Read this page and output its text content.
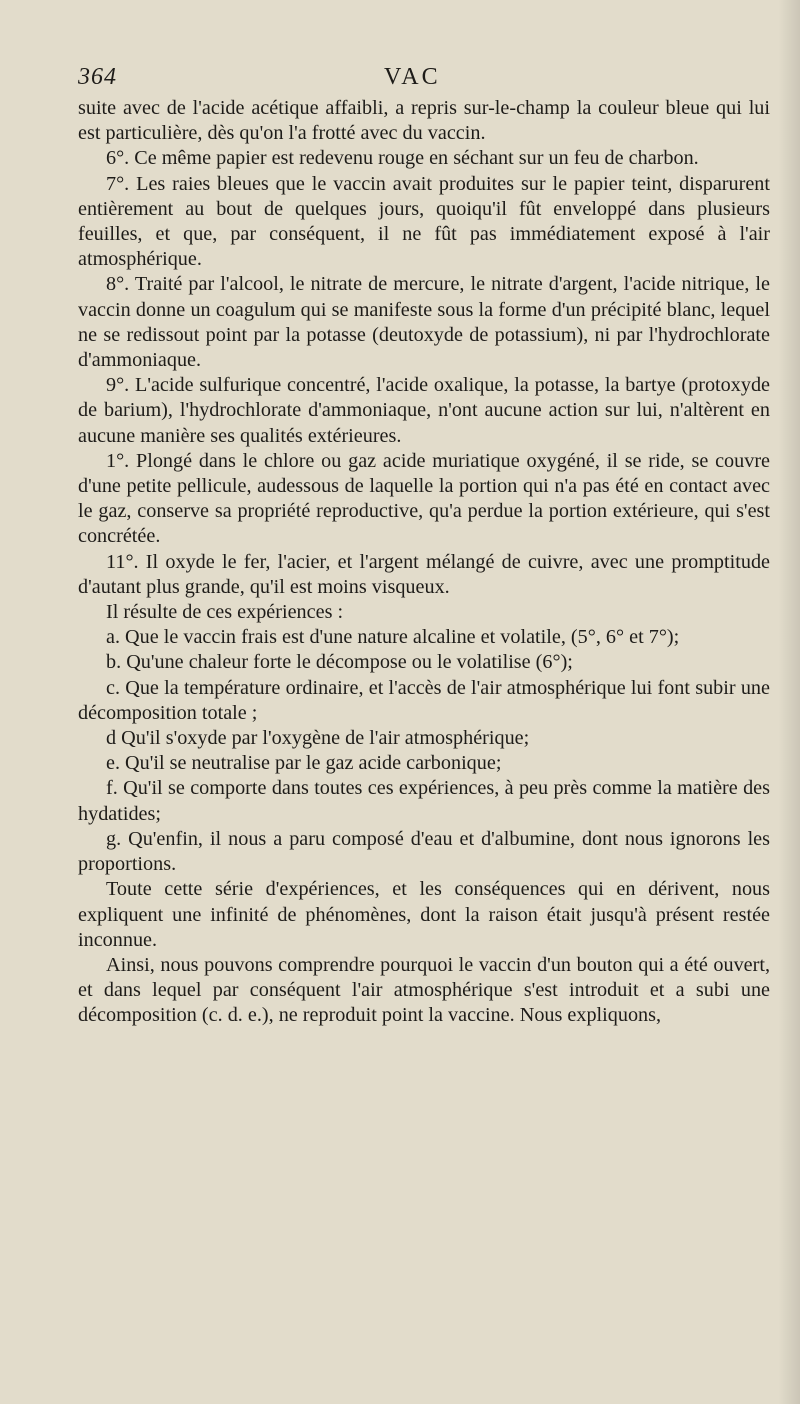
364	VAC

suite avec de l'acide acétique affaibli, a repris sur-le-champ la couleur bleue qui lui est particulière, dès qu'on l'a frotté avec du vaccin.

6°. Ce même papier est redevenu rouge en séchant sur un feu de charbon.

7°. Les raies bleues que le vaccin avait produites sur le papier teint, disparurent entièrement au bout de quelques jours, quoiqu'il fût enveloppé dans plusieurs feuilles, et que, par conséquent, il ne fût pas immédiatement exposé à l'air atmosphérique.

8°. Traité par l'alcool, le nitrate de mercure, le nitrate d'argent, l'acide nitrique, le vaccin donne un coagulum qui se manifeste sous la forme d'un précipité blanc, lequel ne se redissout point par la potasse (deutoxyde de potassium), ni par l'hydrochlorate d'ammoniaque.

9°. L'acide sulfurique concentré, l'acide oxalique, la potasse, la bartye (protoxyde de barium), l'hydrochlorate d'ammoniaque, n'ont aucune action sur lui, n'altèrent en aucune manière ses qualités extérieures.

1°. Plongé dans le chlore ou gaz acide muriatique oxygéné, il se ride, se couvre d'une petite pellicule, audessous de laquelle la portion qui n'a pas été en contact avec le gaz, conserve sa propriété reproductive, qu'a perdue la portion extérieure, qui s'est concrétée.

11°. Il oxyde le fer, l'acier, et l'argent mélangé de cuivre, avec une promptitude d'autant plus grande, qu'il est moins visqueux.

Il résulte de ces expériences :

a. Que le vaccin frais est d'une nature alcaline et volatile, (5°, 6° et 7°);

b. Qu'une chaleur forte le décompose ou le volatilise (6°);

c. Que la température ordinaire, et l'accès de l'air atmosphérique lui font subir une décomposition totale ;

d Qu'il s'oxyde par l'oxygène de l'air atmosphérique;

e. Qu'il se neutralise par le gaz acide carbonique;

f. Qu'il se comporte dans toutes ces expériences, à peu près comme la matière des hydatides;

g. Qu'enfin, il nous a paru composé d'eau et d'albumine, dont nous ignorons les proportions.

Toute cette série d'expériences, et les conséquences qui en dérivent, nous expliquent une infinité de phénomènes, dont la raison était jusqu'à présent restée inconnue.

Ainsi, nous pouvons comprendre pourquoi le vaccin d'un bouton qui a été ouvert, et dans lequel par conséquent l'air atmosphérique s'est introduit et a subi une décomposition (c. d. e.), ne reproduit point la vaccine. Nous expliquons,
